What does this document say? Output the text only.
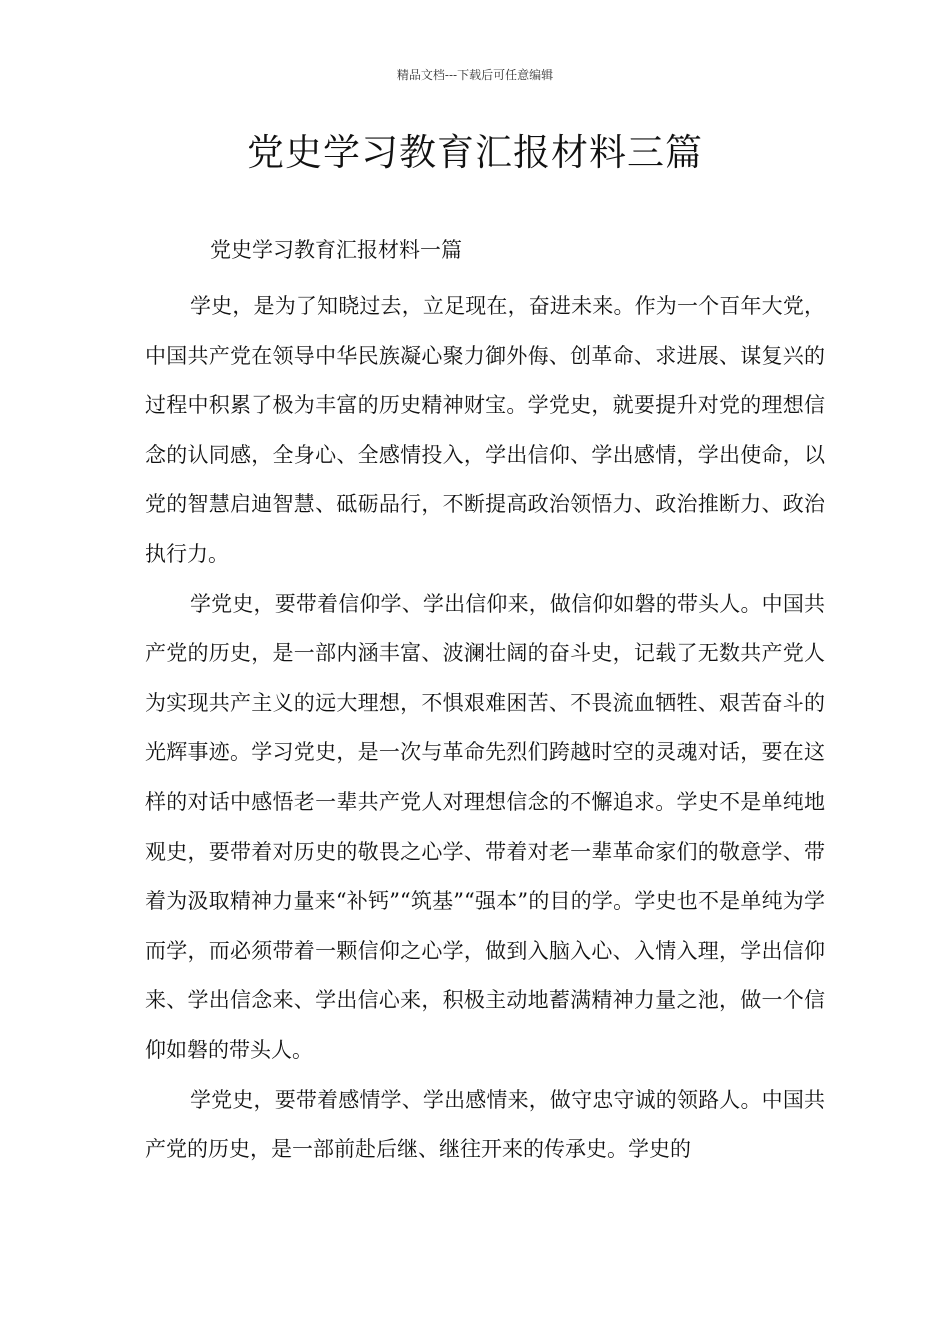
精品文档---下载后可任意编辑
党史学习教育汇报材料三篇
党史学习教育汇报材料一篇

学史，是为了知晓过去，立足现在，奋进未来。作为一个百年大党，中国共产党在领导中华民族凝心聚力御外侮、创革命、求进展、谋复兴的过程中积累了极为丰富的历史精神财宝。学党史，就要提升对党的理想信念的认同感，全身心、全感情投入，学出信仰、学出感情，学出使命，以党的智慧启迪智慧、砥砺品行，不断提高政治领悟力、政治推断力、政治执行力。

学党史，要带着信仰学、学出信仰来，做信仰如磐的带头人。中国共产党的历史，是一部内涵丰富、波澜壮阔的奋斗史，记载了无数共产党人为实现共产主义的远大理想，不惧艰难困苦、不畏流血牺牲、艰苦奋斗的光辉事迹。学习党史，是一次与革命先烈们跨越时空的灵魂对话，要在这样的对话中感悟老一辈共产党人对理想信念的不懈追求。学史不是单纯地观史，要带着对历史的敬畏之心学、带着对老一辈革命家们的敬意学、带着为汲取精神力量来“补钙”“筑基”“强本”的目的学。学史也不是单纯为学而学，而必须带着一颗信仰之心学，做到入脑入心、入情入理，学出信仰来、学出信念来、学出信心来，积极主动地蓄满精神力量之池，做一个信仰如磐的带头人。

学党史，要带着感情学、学出感情来，做守忠守诚的领路人。中国共产党的历史，是一部前赴后继、继往开来的传承史。学史的
